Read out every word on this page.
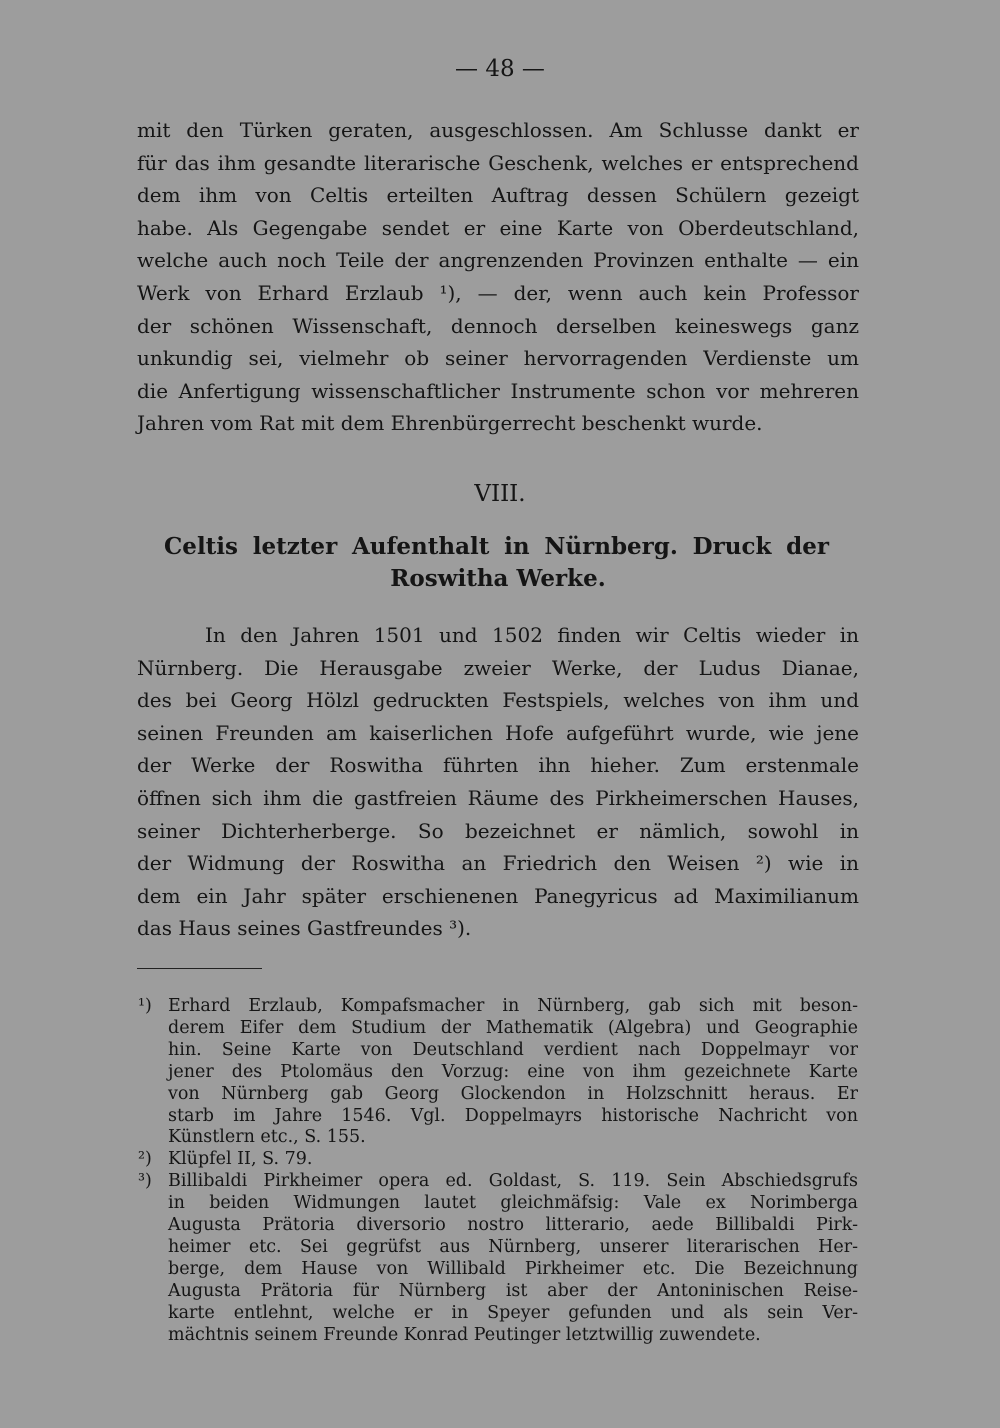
— 48 —
mit den Türken geraten, ausgeschlossen. Am Schlusse dankt er
für das ihm gesandte literarische Geschenk, welches er entsprechend
dem ihm von Celtis erteilten Auftrag dessen Schülern gezeigt
habe. Als Gegengabe sendet er eine Karte von Oberdeutschland,
welche auch noch Teile der angrenzenden Provinzen enthalte — ein
Werk von Erhard Erzlaub ¹), — der, wenn auch kein Professor
der schönen Wissenschaft, dennoch derselben keineswegs ganz
unkundig sei, vielmehr ob seiner hervorragenden Verdienste um
die Anfertigung wissenschaftlicher Instrumente schon vor mehreren
Jahren vom Rat mit dem Ehrenbürgerrecht beschenkt wurde.
VIII.
Celtis letzter Aufenthalt in Nürnberg. Druck der
Roswitha Werke.
In den Jahren 1501 und 1502 finden wir Celtis wieder in
Nürnberg. Die Herausgabe zweier Werke, der Ludus Dianae,
des bei Georg Hölzl gedruckten Festspiels, welches von ihm und
seinen Freunden am kaiserlichen Hofe aufgeführt wurde, wie jene
der Werke der Roswitha führten ihn hieher. Zum erstenmale
öffnen sich ihm die gastfreien Räume des Pirkheimerschen Hauses,
seiner Dichterherberge. So bezeichnet er nämlich, sowohl in
der Widmung der Roswitha an Friedrich den Weisen ²) wie in
dem ein Jahr später erschienenen Panegyricus ad Maximilianum
das Haus seines Gastfreundes ³).
¹) Erhard Erzlaub, Kompafsmacher in Nürnberg, gab sich mit beson-
derem Eifer dem Studium der Mathematik (Algebra) und Geographie
hin. Seine Karte von Deutschland verdient nach Doppelmayr vor
jener des Ptolomäus den Vorzug: eine von ihm gezeichnete Karte
von Nürnberg gab Georg Glockendon in Holzschnitt heraus. Er
starb im Jahre 1546. Vgl. Doppelmayrs historische Nachricht von
Künstlern etc., S. 155.
²) Klüpfel II, S. 79.
³) Billibaldi Pirkheimer opera ed. Goldast, S. 119. Sein Abschiedsgrufs
in beiden Widmungen lautet gleichmäfsig: Vale ex Norimberga
Augusta Prätoria diversorio nostro litterario, aede Billibaldi Pirk-
heimer etc. Sei gegrüfst aus Nürnberg, unserer literarischen Her-
berge, dem Hause von Willibald Pirkheimer etc. Die Bezeichnung
Augusta Prätoria für Nürnberg ist aber der Antoninischen Reise-
karte entlehnt, welche er in Speyer gefunden und als sein Ver-
mächtnis seinem Freunde Konrad Peutinger letztwillig zuwendete.
